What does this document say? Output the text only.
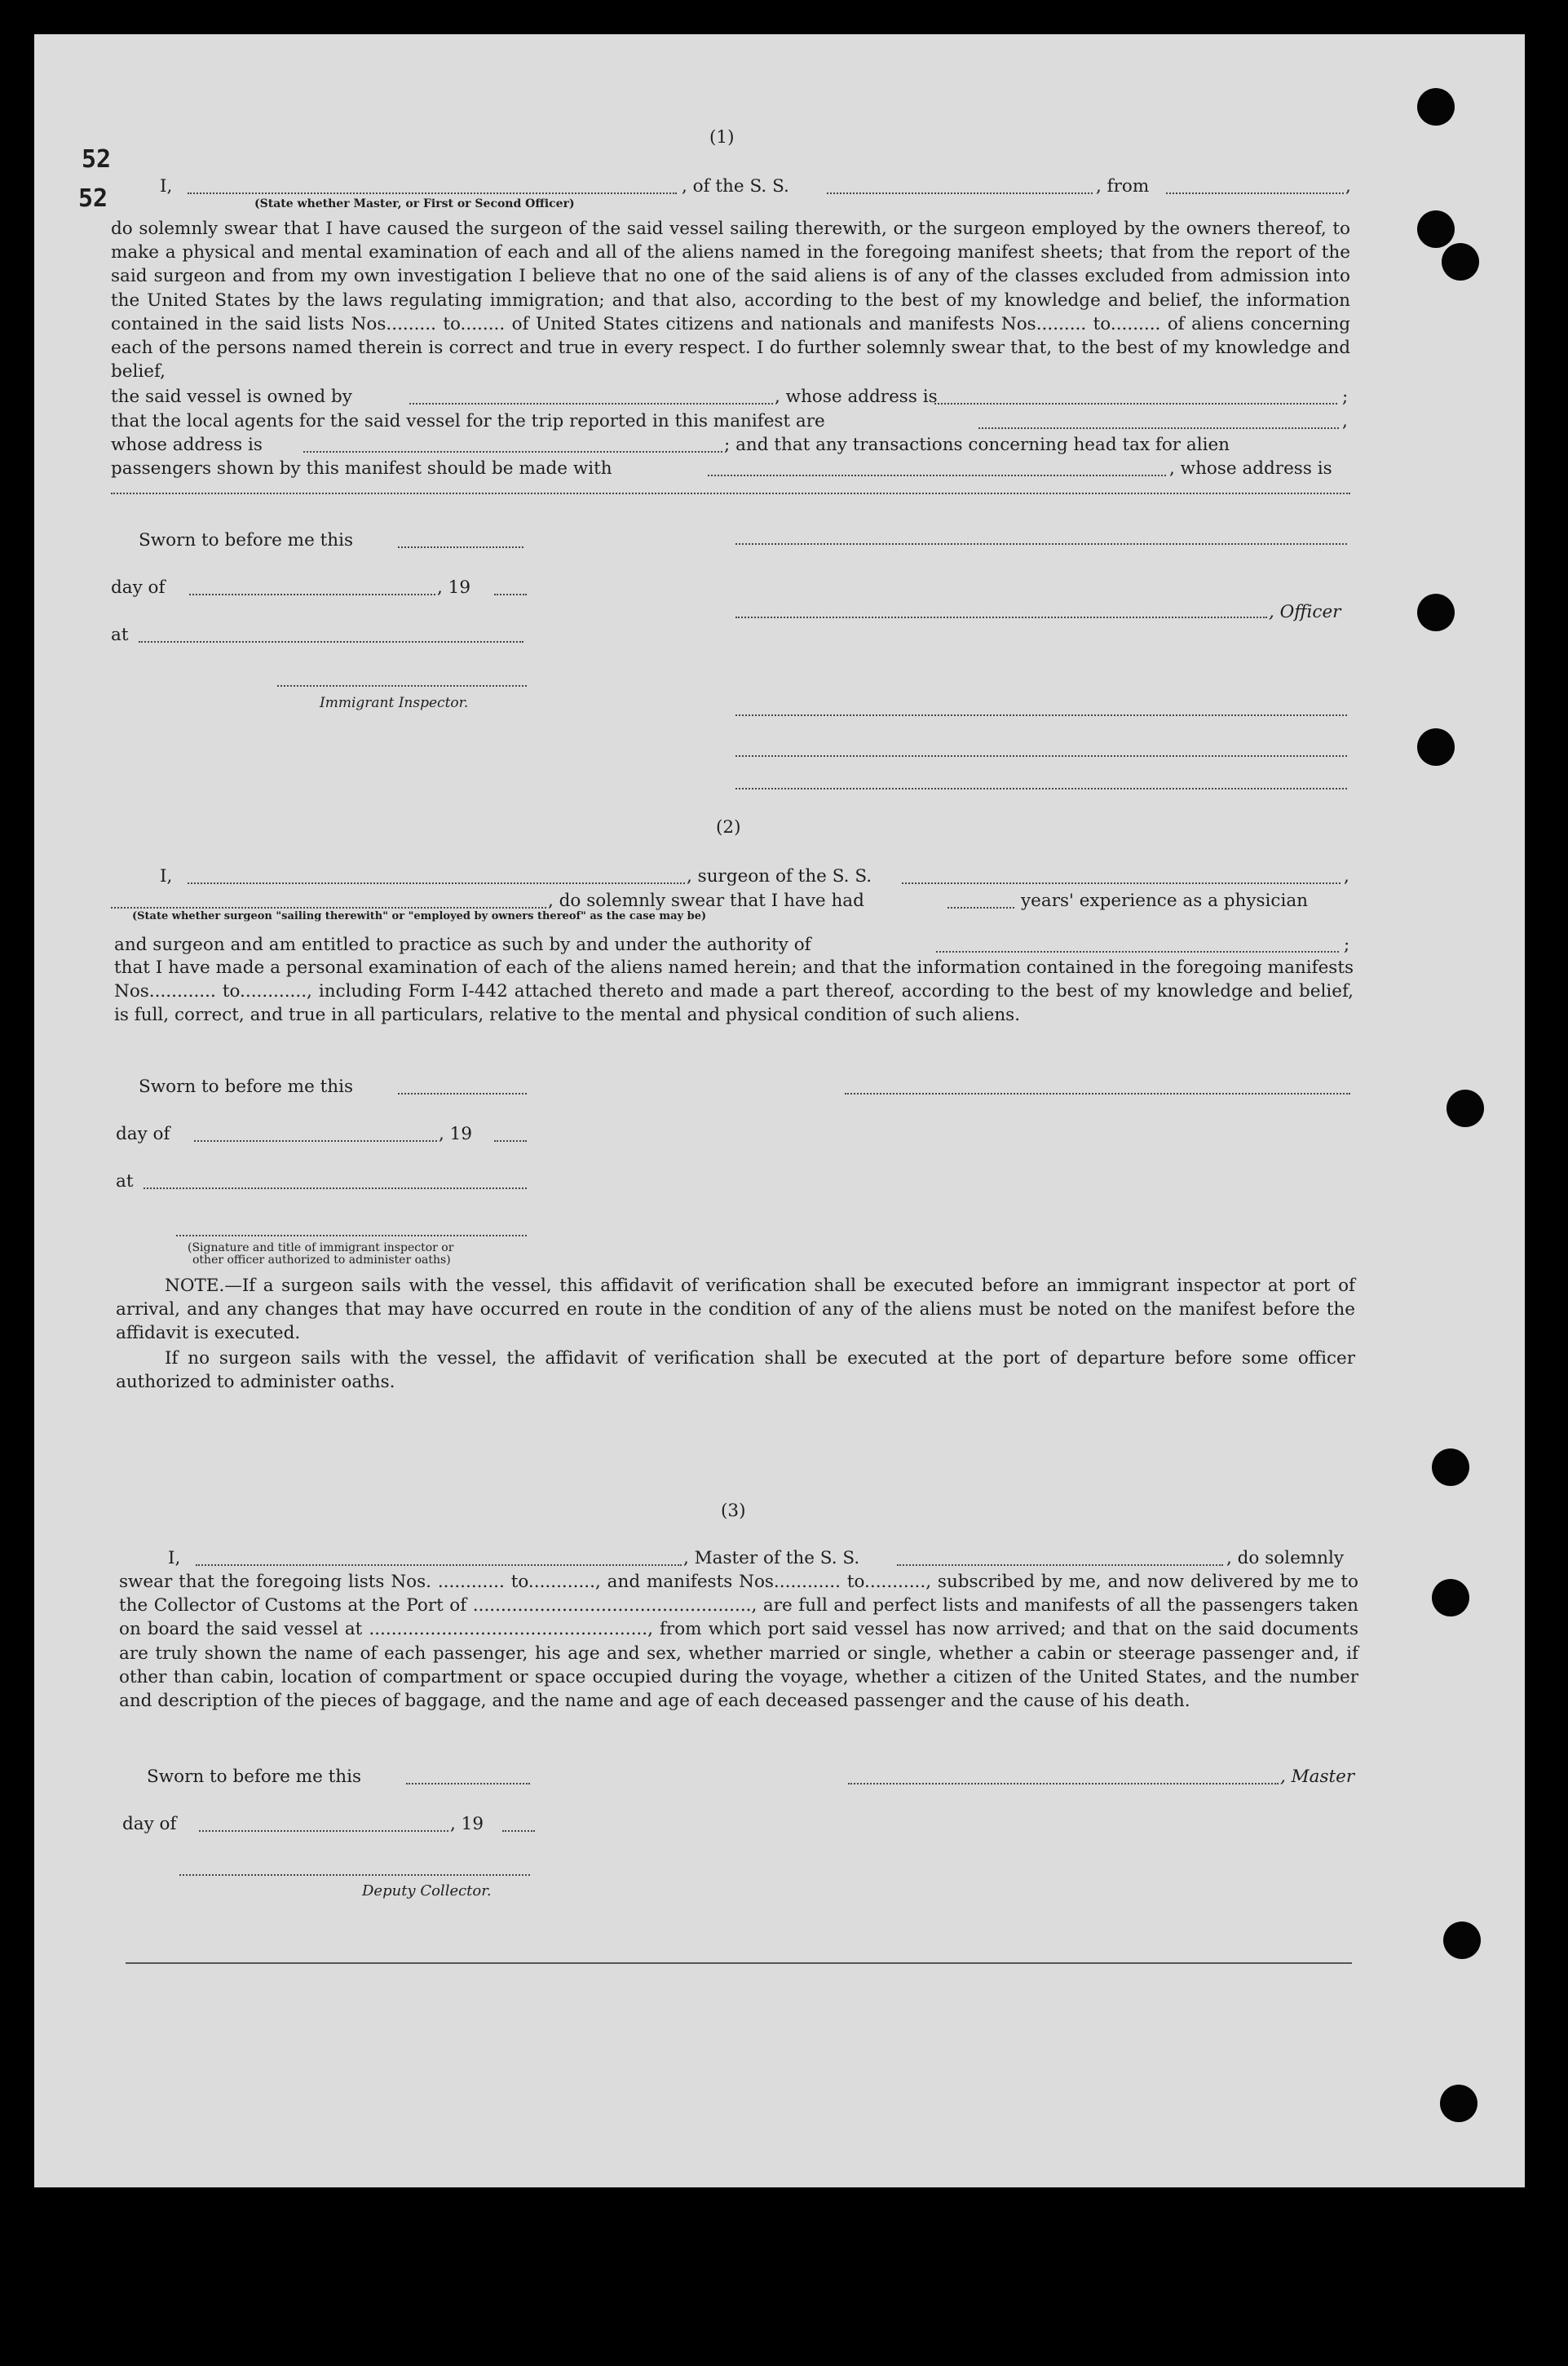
52
52
(1)
I,	, of the S. S.	, from	,
(State whether Master, or First or Second Officer)
do solemnly swear that I have caused the surgeon of the said vessel sailing therewith, or the surgeon employed by the owners thereof, to make a physical and mental examination of each and all of the aliens named in the foregoing manifest sheets; that from the report of the said surgeon and from my own investigation I believe that no one of the said aliens is of any of the classes excluded from admission into the United States by the laws regulating immigration; and that also, according to the best of my knowledge and belief, the information contained in the said lists Nos......... to........ of United States citizens and nationals and manifests Nos......... to......... of aliens concerning each of the persons named therein is correct and true in every respect. I do further solemnly swear that, to the best of my knowledge and belief,
the said vessel is owned by	, whose address is	;
that the local agents for the said vessel for the trip reported in this manifest are	,
whose address is	; and that any transactions concerning head tax for alien
passengers shown by this manifest should be made with	, whose address is
Sworn to before me this
day of	, 19
, Officer
at
Immigrant Inspector.
(2)
I,	, surgeon of the S. S.	,
, do solemnly swear that I have had	years' experience as a physician
(State whether surgeon "sailing therewith" or "employed by owners thereof" as the case may be)
and surgeon and am entitled to practice as such by and under the authority of	;
that I have made a personal examination of each of the aliens named herein; and that the information contained in the foregoing manifests Nos............ to............, including Form I-442 attached thereto and made a part thereof, according to the best of my knowledge and belief, is full, correct, and true in all particulars, relative to the mental and physical condition of such aliens.
Sworn to before me this
day of	, 19
at
(Signature and title of immigrant inspector or
other officer authorized to administer oaths)
NOTE.—If a surgeon sails with the vessel, this affidavit of verification shall be executed before an immigrant inspector at port of arrival, and any changes that may have occurred en route in the condition of any of the aliens must be noted on the manifest before the affidavit is executed.
If no surgeon sails with the vessel, the affidavit of verification shall be executed at the port of departure before some officer authorized to administer oaths.
(3)
I,	, Master of the S. S.	, do solemnly
swear that the foregoing lists Nos. ............ to............, and manifests Nos............ to..........., subscribed by me, and now delivered by me to the Collector of Customs at the Port of .................................................., are full and perfect lists and manifests of all the passengers taken on board the said vessel at .................................................., from which port said vessel has now arrived; and that on the said documents are truly shown the name of each passenger, his age and sex, whether married or single, whether a cabin or steerage passenger and, if other than cabin, location of compartment or space occupied during the voyage, whether a citizen of the United States, and the number and description of the pieces of baggage, and the name and age of each deceased passenger and the cause of his death.
Sworn to before me this	, Master
day of	, 19
Deputy Collector.
